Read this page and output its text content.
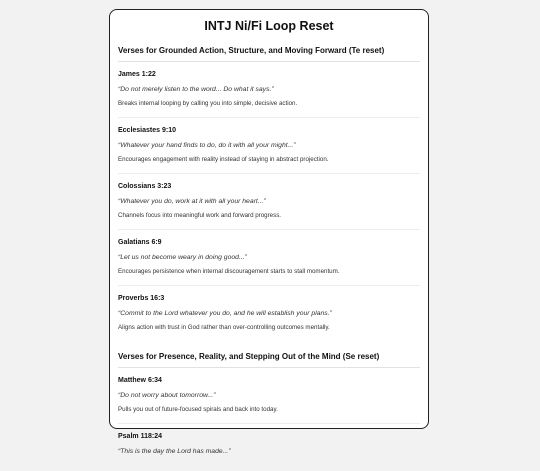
INTJ Ni/Fi Loop Reset
Verses for Grounded Action, Structure, and Moving Forward (Te reset)
James 1:22
“Do not merely listen to the word... Do what it says.”
Breaks internal looping by calling you into simple, decisive action.
Ecclesiastes 9:10
“Whatever your hand finds to do, do it with all your might...”
Encourages engagement with reality instead of staying in abstract projection.
Colossians 3:23
“Whatever you do, work at it with all your heart...”
Channels focus into meaningful work and forward progress.
Galatians 6:9
“Let us not become weary in doing good...”
Encourages persistence when internal discouragement starts to stall momentum.
Proverbs 16:3
“Commit to the Lord whatever you do, and he will establish your plans.”
Aligns action with trust in God rather than over-controlling outcomes mentally.
Verses for Presence, Reality, and Stepping Out of the Mind (Se reset)
Matthew 6:34
“Do not worry about tomorrow...”
Pulls you out of future-focused spirals and back into today.
Psalm 118:24
“This is the day the Lord has made...”
